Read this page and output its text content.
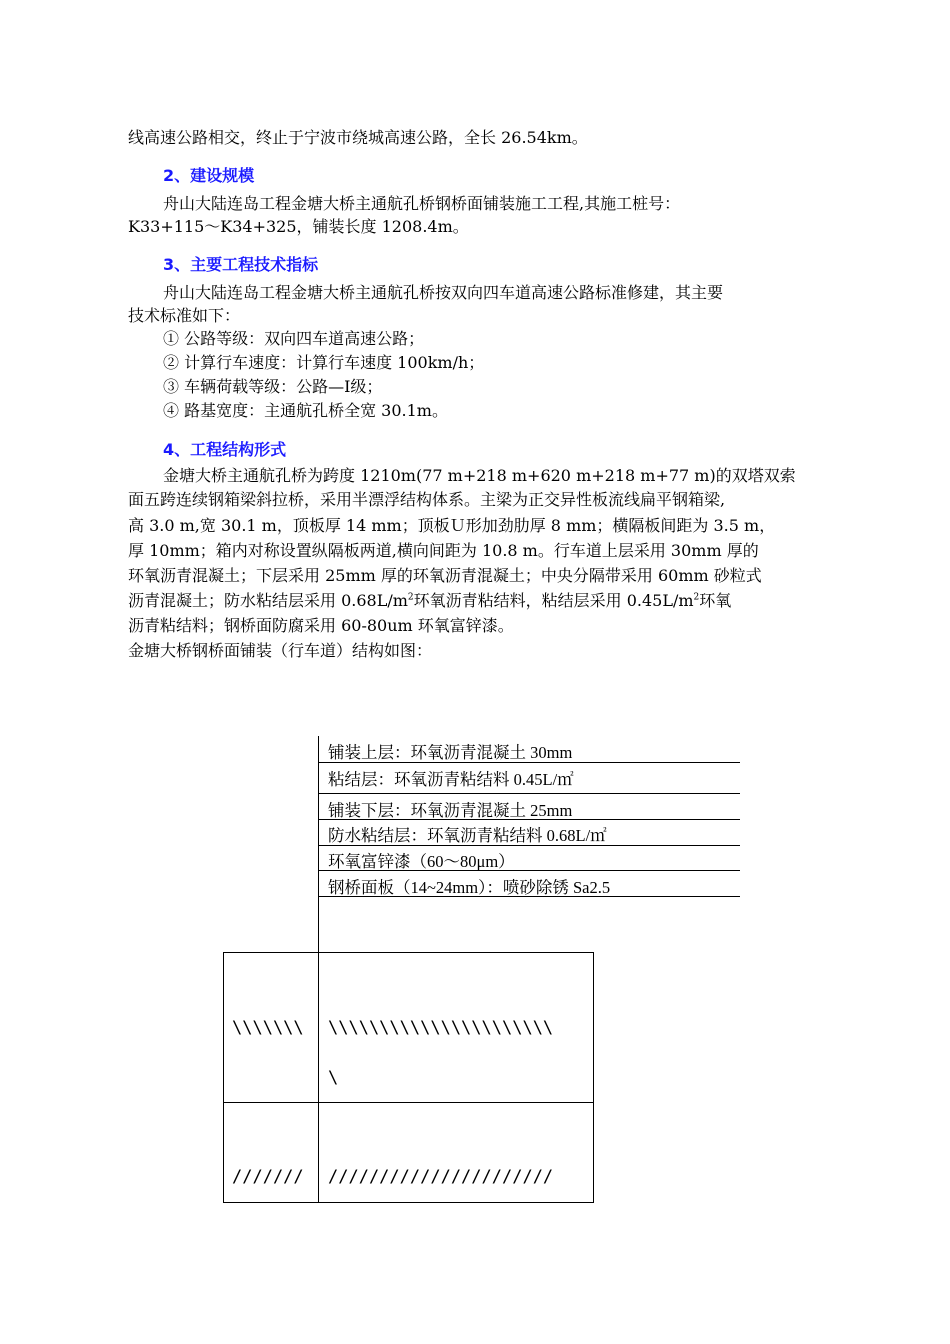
线高速公路相交，终止于宁波市绕城高速公路，全长 26.54km。
2、建设规模
舟山大陆连岛工程金塘大桥主通航孔桥钢桥面铺装施工工程,其施工桩号：
K33+115～K34+325，铺装长度 1208.4m。
3、主要工程技术指标
舟山大陆连岛工程金塘大桥主通航孔桥按双向四车道高速公路标准修建，其主要
技术标准如下：
① 公路等级：双向四车道高速公路；
② 计算行车速度：计算行车速度 100km/h；
③ 车辆荷载等级：公路—Ⅰ级；
④ 路基宽度：主通航孔桥全宽 30.1m。
4、工程结构形式
金塘大桥主通航孔桥为跨度 1210m(77 m+218 m+620 m+218 m+77 m)的双塔双索
面五跨连续钢箱梁斜拉桥，采用半漂浮结构体系。主梁为正交异性板流线扁平钢箱梁,
高 3.0 m,宽 30.1 m，顶板厚 14 mm；顶板Ｕ形加劲肋厚 8 mm；横隔板间距为 3.5 m，
厚 10mm；箱内对称设置纵隔板两道,横向间距为 10.8 m。行车道上层采用 30mm 厚的
环氧沥青混凝土；下层采用 25mm 厚的环氧沥青混凝土；中央分隔带采用 60mm 砂粒式
沥青混凝土；防水粘结层采用 $0.68L/m^2$环氧沥青粘结料，粘结层采用 $0.45L/m^2$环氧
沥青粘结料；钢桥面防腐采用 60-80um 环氧富锌漆。
金塘大桥钢桥面铺装（行车道）结构如图：
铺装上层：环氧沥青混凝土 30mm
粘结层：环氧沥青粘结料 0.45L/㎡
铺装下层：环氧沥青混凝土 25mm
防水粘结层：环氧沥青粘结料 0.68L/㎡
环氧富锌漆（60～80μm）
钢桥面板（14~24mm）：喷砂除锈 Sa2.5
\\\\\\\ \\\\\\\\\\\\\\\\\\\\\\
\
/////// //////////////////////
